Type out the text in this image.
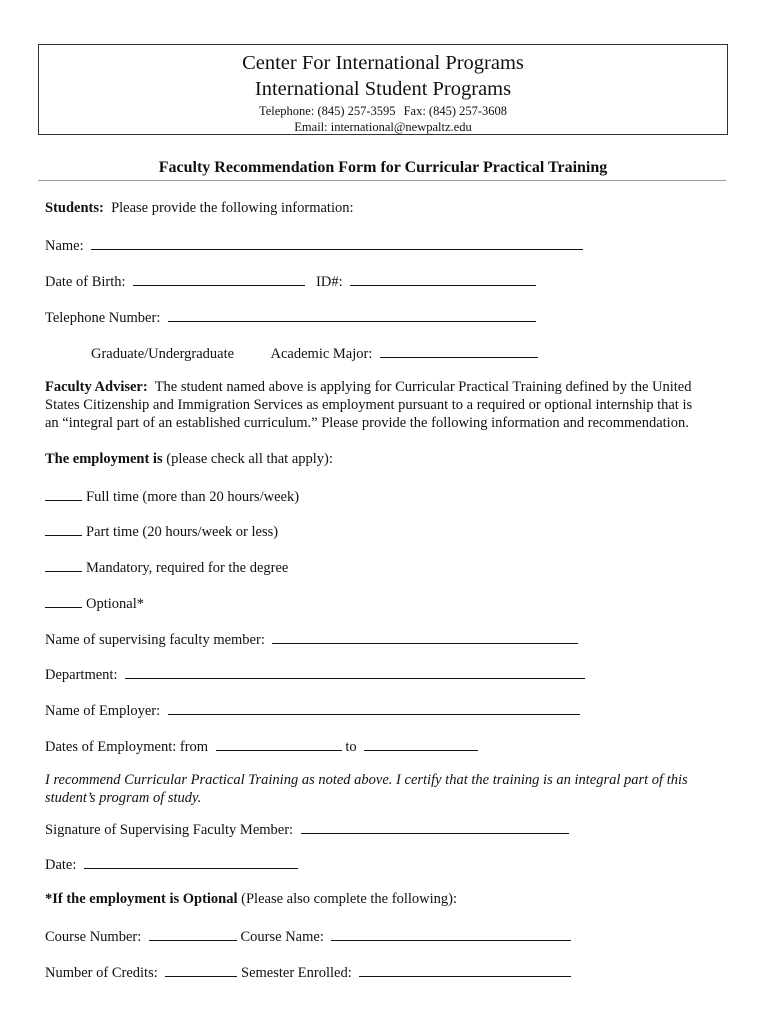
Center For International Programs
International Student Programs
Telephone: (845) 257-3595 Fax: (845) 257-3608
Email: international@newpaltz.edu
Faculty Recommendation Form for Curricular Practical Training
Students: Please provide the following information:
Name:
Date of Birth:	ID#:
Telephone Number:
Graduate/Undergraduate	Academic Major:
Faculty Adviser: The student named above is applying for Curricular Practical Training defined by the United
States Citizenship and Immigration Services as employment pursuant to a required or optional internship that is
an “integral part of an established curriculum.” Please provide the following information and recommendation.
The employment is (please check all that apply):
Full time (more than 20 hours/week)
Part time (20 hours/week or less)
Mandatory, required for the degree
Optional*
Name of supervising faculty member:
Department:
Name of Employer:
Dates of Employment: from	to
I recommend Curricular Practical Training as noted above. I certify that the training is an integral part of this
student’s program of study.
Signature of Supervising Faculty Member:
Date:
*If the employment is Optional (Please also complete the following):
Course Number:	Course Name:
Number of Credits:	Semester Enrolled:
